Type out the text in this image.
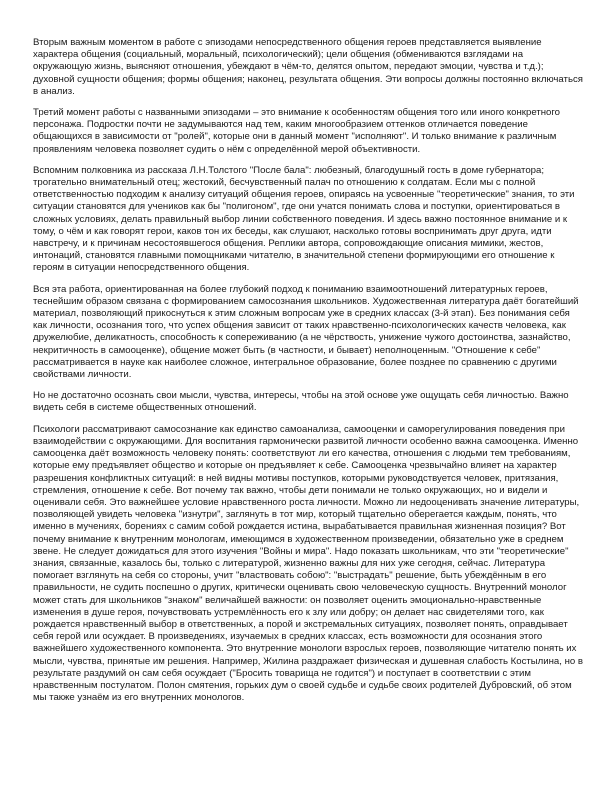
Вторым важным моментом в работе с эпизодами непосредственного общения героев представляется выявление характера общения (социальный, моральный, психологический); цели общения (обмениваются взглядами на окружающую жизнь, выясняют отношения, убеждают в чём-то, делятся опытом, передают эмоции, чувства и т.д.); духовной сущности общения; формы общения; наконец, результата общения. Эти вопросы должны постоянно включаться в анализ.

Третий момент работы с названными эпизодами – это внимание к особенностям общения того или иного конкретного персонажа. Подростки почти не задумываются над тем, каким многообразием оттенков отличается поведение общающихся в зависимости от "ролей", которые они в данный момент "исполняют". И только внимание к различным проявлениям человека позволяет судить о нём с определённой мерой объективности.

Вспомним полковника из рассказа Л.Н.Толстого "После бала": любезный, благодушный гость в доме губернатора; трогательно внимательный отец; жестокий, бесчувственный палач по отношению к солдатам. Если мы с полной ответственностью подходим к анализу ситуаций общения героев, опираясь на усвоенные "теоретические" знания, то эти ситуации становятся для учеников как бы "полигоном", где они учатся понимать слова и поступки, ориентироваться в сложных условиях, делать правильный выбор линии собственного поведения. И здесь важно постоянное внимание и к тому, о чём и как говорят герои, каков тон их беседы, как слушают, насколько готовы воспринимать друг друга, идти навстречу, и к причинам несостоявшегося общения. Реплики автора, сопровождающие описания мимики, жестов, интонаций, становятся главными помощниками читателю, в значительной степени формирующими его отношение к героям в ситуации непосредственного общения.

Вся эта работа, ориентированная на более глубокий подход к пониманию взаимоотношений литературных героев, теснейшим образом связана с формированием самосознания школьников. Художественная литература даёт богатейший материал, позволяющий прикоснуться к этим сложным вопросам уже в средних классах (3-й этап). Без понимания себя как личности, осознания того, что успех общения зависит от таких нравственно-психологических качеств человека, как дружелюбие, деликатность, способность к сопереживанию (а не чёрствость, унижение чужого достоинства, зазнайство, некритичность в самооценке), общение может быть (в частности, и бывает) неполноценным. "Отношение к себе" рассматривается в науке как наиболее сложное, интегральное образование, более позднее по сравнению с другими свойствами личности.

Но не достаточно осознать свои мысли, чувства, интересы, чтобы на этой основе уже ощущать себя личностью. Важно видеть себя в системе общественных отношений.

Психологи рассматривают самосознание как единство самоанализа, самооценки и саморегулирования поведения при взаимодействии с окружающими. Для воспитания гармонически развитой личности особенно важна самооценка. Именно самооценка даёт возможность человеку понять: соответствуют ли его качества, отношения с людьми тем требованиям, которые ему предъявляет общество и которые он предъявляет к себе. Самооценка чрезвычайно влияет на характер разрешения конфликтных ситуаций: в ней видны мотивы поступков, которыми руководствуется человек, притязания, стремления, отношение к себе. Вот почему так важно, чтобы дети понимали не только окружающих, но и видели и оценивали себя. Это важнейшее условие нравственного роста личности. Можно ли недооценивать значение литературы, позволяющей увидеть человека "изнутри", заглянуть в тот мир, который тщательно оберегается каждым, понять, что именно в мучениях, борениях с самим собой рождается истина, вырабатывается правильная жизненная позиция? Вот почему внимание к внутренним монологам, имеющимся в художественном произведении, обязательно уже в среднем звене. Не следует дожидаться для этого изучения "Войны и мира". Надо показать школьникам, что эти "теоретические" знания, связанные, казалось бы, только с литературой, жизненно важны для них уже сегодня, сейчас. Литература помогает взглянуть на себя со стороны, учит "властвовать собою": "выстрадать" решение, быть убеждённым в его правильности, не судить поспешно о других, критически оценивать свою человеческую сущность. Внутренний монолог может стать для школьников "знаком" величайшей важности: он позволяет оценить эмоционально-нравственные изменения в душе героя, почувствовать устремлённость его к злу или добру; он делает нас свидетелями того, как рождается нравственный выбор в ответственных, а порой и экстремальных ситуациях, позволяет понять, оправдывает себя герой или осуждает. В произведениях, изучаемых в средних классах, есть возможности для осознания этого важнейшего художественного компонента. Это внутренние монологи взрослых героев, позволяющие читателю понять их мысли, чувства, принятые им решения. Например, Жилина раздражает физическая и душевная слабость Костылина, но в результате раздумий он сам себя осуждает ("Бросить товарища не годится") и поступает в соответствии с этим нравственным постулатом. Полон смятения, горьких дум о своей судьбе и судьбе своих родителей Дубровский, об этом мы также узнаём из его внутренних монологов.
